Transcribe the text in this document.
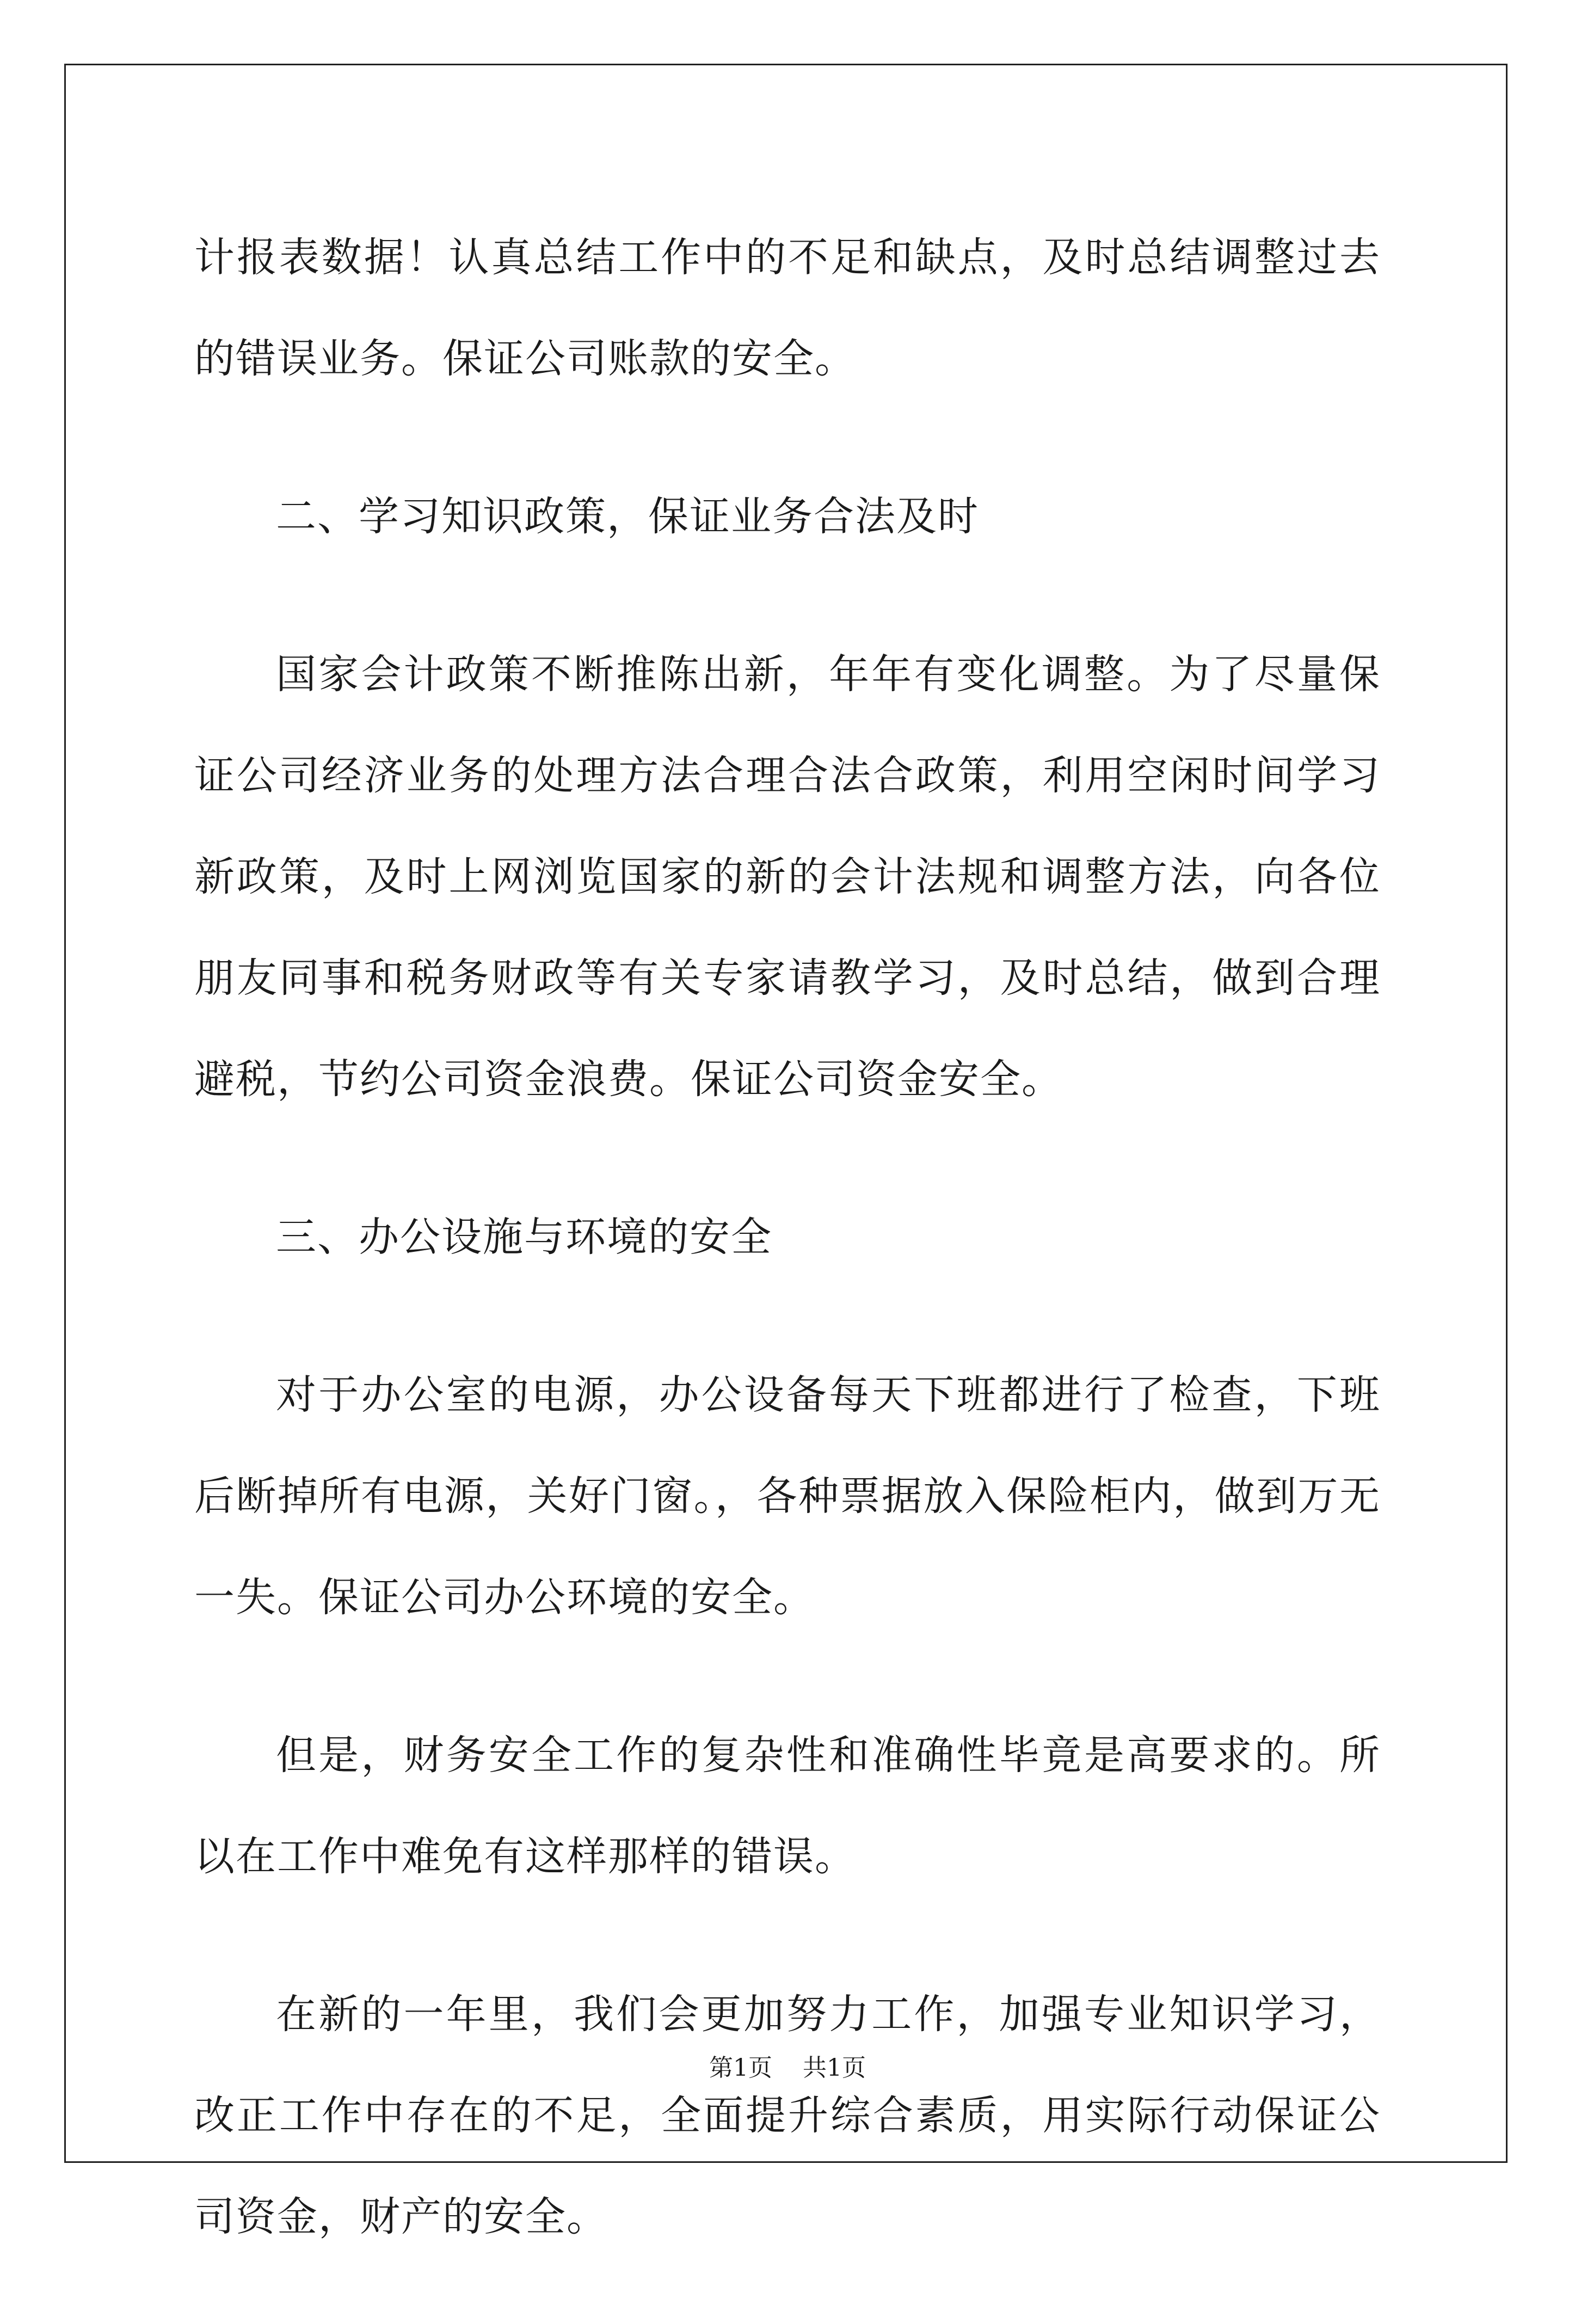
计报表数据！认真总结工作中的不足和缺点，及时总结调整过去的错误业务。保证公司账款的安全。

二、学习知识政策，保证业务合法及时

国家会计政策不断推陈出新，年年有变化调整。为了尽量保证公司经济业务的处理方法合理合法合政策，利用空闲时间学习新政策，及时上网浏览国家的新的会计法规和调整方法，向各位朋友同事和税务财政等有关专家请教学习，及时总结，做到合理避税，节约公司资金浪费。保证公司资金安全。

三、办公设施与环境的安全

对于办公室的电源，办公设备每天下班都进行了检查，下班后断掉所有电源，关好门窗。，各种票据放入保险柜内，做到万无一失。保证公司办公环境的安全。

但是，财务安全工作的复杂性和准确性毕竟是高要求的。所以在工作中难免有这样那样的错误。

在新的一年里，我们会更加努力工作，加强专业知识学习，改正工作中存在的不足，全面提升综合素质，用实际行动保证公司资金，财产的安全。

第1页 共1页
